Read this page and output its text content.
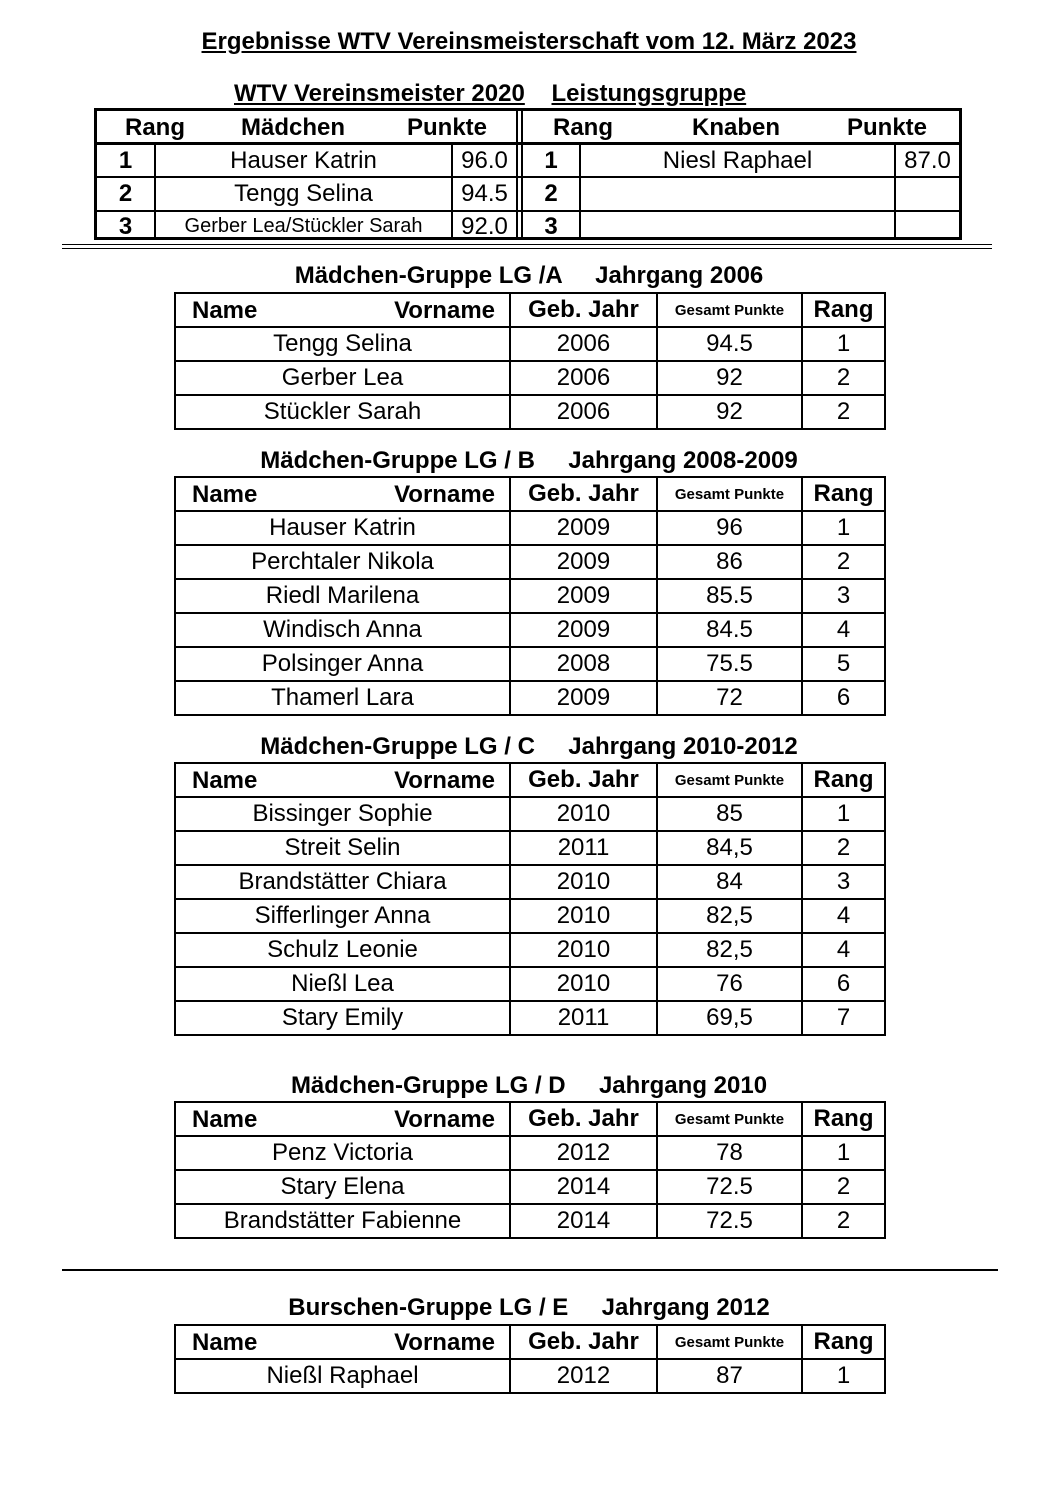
Ergebnisse WTV Vereinsmeisterschaft vom 12. März 2023
WTV Vereinsmeister 2020 Leistungsgruppe
Rang Mädchen	Punkte	Rang	Knaben	Punkte
1	Hauser Katrin	96.0	1	Niesl Raphael	87.0
2	Tengg Selina	94.5	2
3	Gerber Lea/Stückler Sarah	92.0	3
Mädchen-Gruppe LG /A     Jahrgang 2006
Name Vorname	Geb. Jahr	Gesamt Punkte	Rang
Tengg Selina	2006	94.5	1
Gerber Lea	2006	92	2
Stückler Sarah	2006	92	2
Mädchen-Gruppe LG / B     Jahrgang 2008-2009
Name Vorname	Geb. Jahr	Gesamt Punkte	Rang
Hauser Katrin	2009	96	1
Perchtaler Nikola	2009	86	2
Riedl Marilena	2009	85.5	3
Windisch Anna	2009	84.5	4
Polsinger Anna	2008	75.5	5
Thamerl Lara	2009	72	6
Mädchen-Gruppe LG / C     Jahrgang 2010-2012
Name Vorname	Geb. Jahr	Gesamt Punkte	Rang
Bissinger Sophie	2010	85	1
Streit Selin	2011	84,5	2
Brandstätter Chiara	2010	84	3
Sifferlinger Anna	2010	82,5	4
Schulz Leonie	2010	82,5	4
Nießl Lea	2010	76	6
Stary Emily	2011	69,5	7
Mädchen-Gruppe LG / D     Jahrgang 2010
Name Vorname	Geb. Jahr	Gesamt Punkte	Rang
Penz Victoria	2012	78	1
Stary Elena	2014	72.5	2
Brandstätter Fabienne	2014	72.5	2
Burschen-Gruppe LG / E     Jahrgang 2012
Name Vorname	Geb. Jahr	Gesamt Punkte	Rang
Nießl Raphael	2012	87	1
